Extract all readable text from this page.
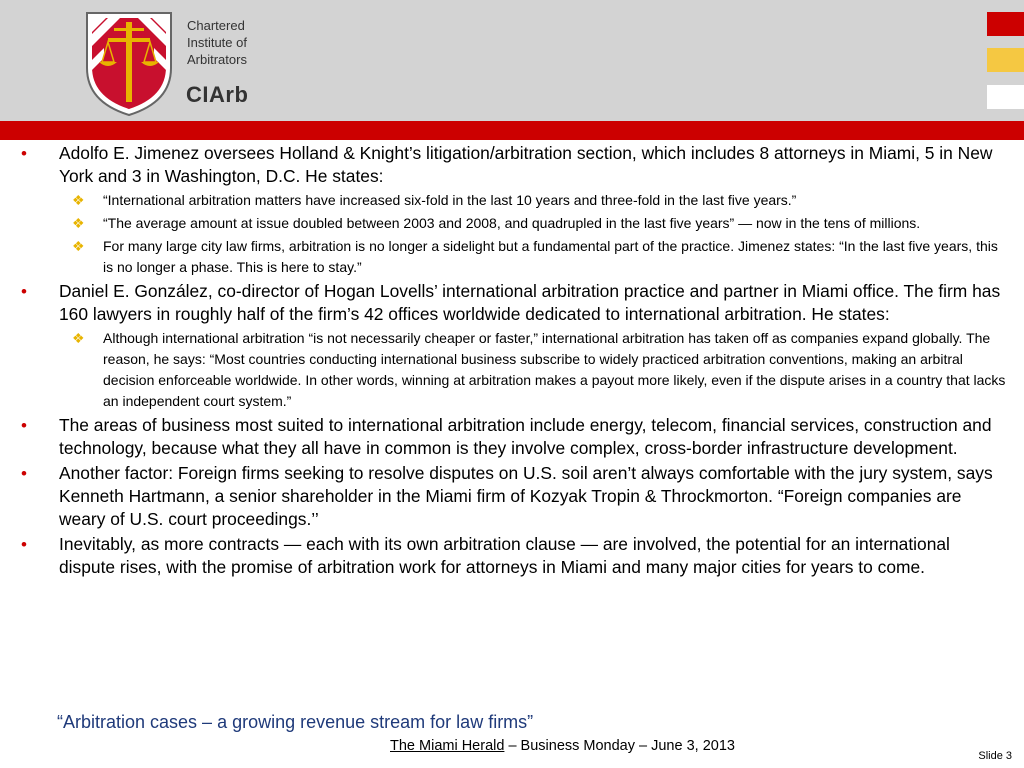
Chartered
Institute of
Arbitrators
CIArb
• Adolfo E. Jimenez oversees Holland & Knight’s litigation/arbitration section, which includes 8 attorneys in Miami, 5 in New York and 3 in Washington, D.C. He states:
❖ “International arbitration matters have increased six-fold in the last 10 years and three-fold in the last five years.”
❖ “The average amount at issue doubled between 2003 and 2008, and quadrupled in the last five years” — now in the tens of millions.
❖ For many large city law firms, arbitration is no longer a sidelight but a fundamental part of the practice. Jimenez states: “In the last five years, this is no longer a phase. This is here to stay.”
• Daniel E. González, co-director of Hogan Lovells’ international arbitration practice and partner in Miami office. The firm has 160 lawyers in roughly half of the firm’s 42 offices worldwide dedicated to international arbitration. He states:
❖ Although international arbitration “is not necessarily cheaper or faster,” international arbitration has taken off as companies expand globally. The reason, he says: “Most countries conducting international business subscribe to widely practiced arbitration conventions, making an arbitral decision enforceable worldwide. In other words, winning at arbitration makes a payout more likely, even if the dispute arises in a country that lacks an independent court system.”
• The areas of business most suited to international arbitration include energy, telecom, financial services, construction and technology, because what they all have in common is they involve complex, cross-border infrastructure development.
• Another factor: Foreign firms seeking to resolve disputes on U.S. soil aren’t always comfortable with the jury system, says Kenneth Hartmann, a senior shareholder in the Miami firm of Kozyak Tropin & Throckmorton. “Foreign companies are weary of U.S. court proceedings.’’
• Inevitably, as more contracts — each with its own arbitration clause — are involved, the potential for an international dispute rises, with the promise of arbitration work for attorneys in Miami and many major cities for years to come.
“Arbitration cases – a growing revenue stream for law firms”
The Miami Herald – Business Monday – June 3, 2013
Slide 3
